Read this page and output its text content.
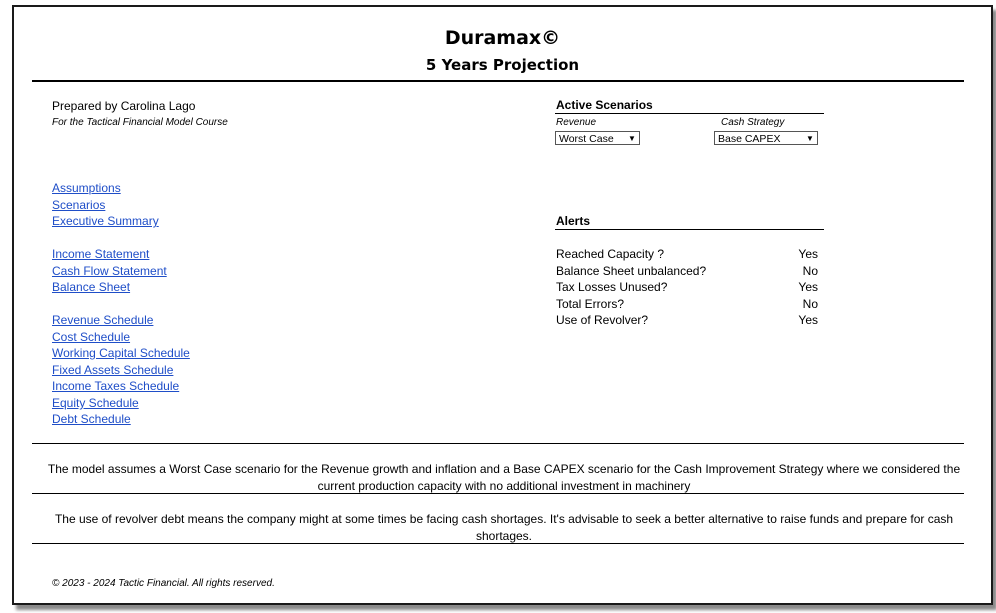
Duramax©
5 Years Projection
Prepared by Carolina Lago
For the Tactical Financial Model Course
Assumptions
Scenarios
Executive Summary
Income Statement
Cash Flow Statement
Balance Sheet
Revenue Schedule
Cost Schedule
Working Capital Schedule
Fixed Assets Schedule
Income Taxes Schedule
Equity Schedule
Debt Schedule
Active Scenarios
Revenue	Cash Strategy
Worst Case	▼	Base CAPEX	▼
Alerts
Reached Capacity ?	Yes
Balance Sheet unbalanced?	No
Tax Losses Unused?	Yes
Total Errors?	No
Use of Revolver?	Yes
The model assumes a Worst Case scenario for the Revenue growth and inflation and a Base CAPEX scenario for the Cash Improvement Strategy where we considered the current production capacity with no additional investment in machinery
The use of revolver debt means the company might at some times be facing cash shortages. It's advisable to seek a better alternative to raise funds and prepare for cash shortages.
© 2023 - 2024 Tactic Financial. All rights reserved.
